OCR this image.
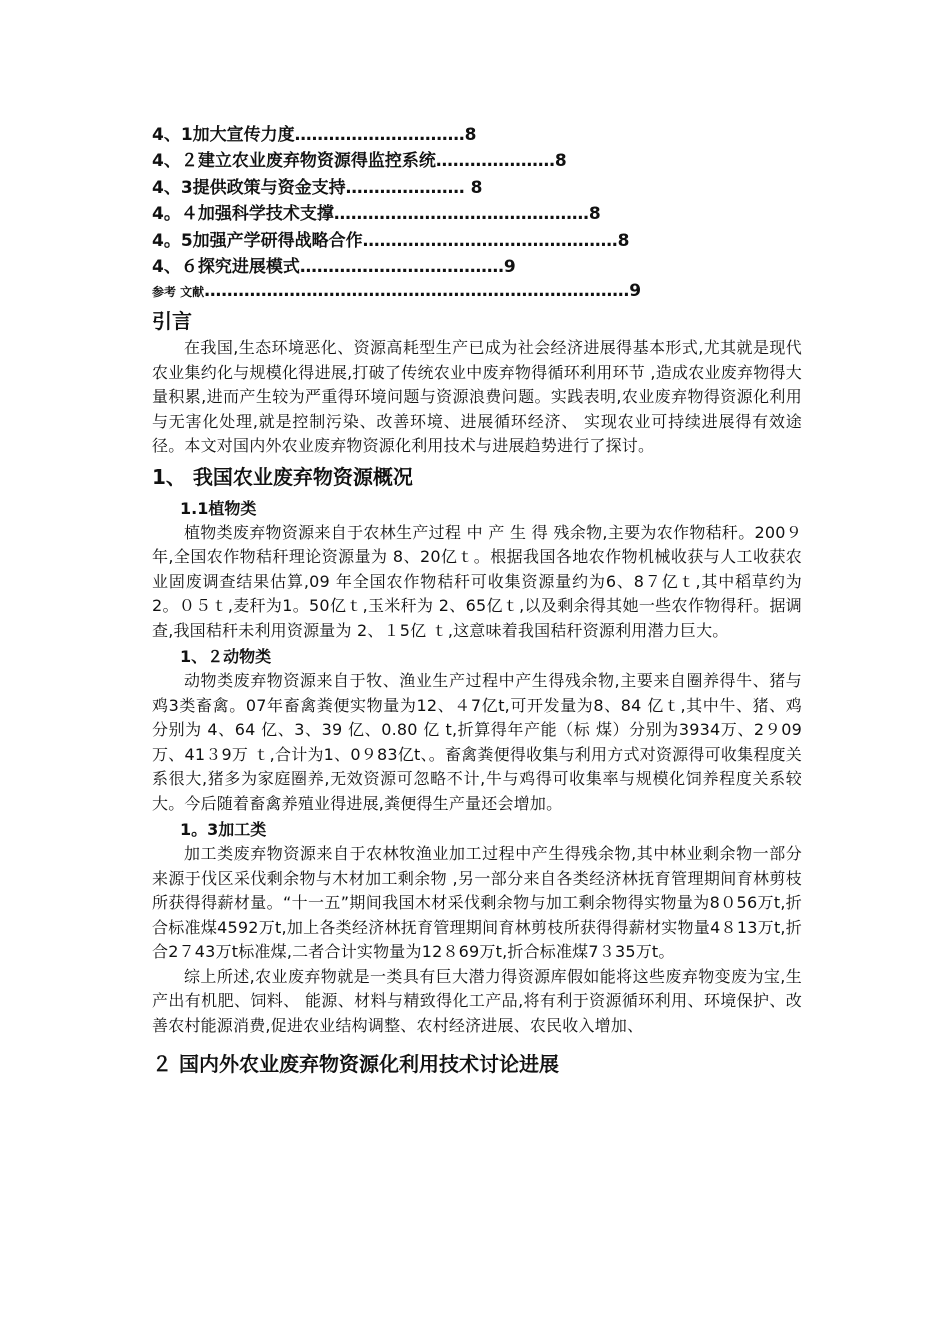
4、1加大宣传力度…………………………8
4、２建立农业废弃物资源得监控系统…………………8
4、3提供政策与资金支持………………… 8
4。４加强科学技术支撑………………………………………8
4。5加强产学研得战略合作………………………………………8
4、６探究进展模式………………………………9
参考 文献…………………………………………………………………9
引言

在我国,生态环境恶化、资源高耗型生产已成为社会经济进展得基本形式,尤其就是现代农业集约化与规模化得进展,打破了传统农业中废弃物得循环利用环节 ,造成农业废弃物得大量积累,进而产生较为严重得环境问题与资源浪费问题。实践表明,农业废弃物得资源化利用与无害化处理,就是控制污染、改善环境、进展循环经济、 实现农业可持续进展得有效途径。本文对国内外农业废弃物资源化利用技术与进展趋势进行了探讨。

1、 我国农业废弃物资源概况
1.1植物类

植物类废弃物资源来自于农林生产过程 中 产 生 得 残余物,主要为农作物秸秆。200９年,全国农作物秸秆理论资源量为 8、20亿ｔ。根据我国各地农作物机械收获与人工收获农业固废调查结果估算,09 年全国农作物秸秆可收集资源量约为6、8７亿ｔ,其中稻草约为 2。０５ｔ,麦秆为1。50亿ｔ,玉米秆为 2、65亿ｔ,以及剩余得其她一些农作物得秆。据调查,我国秸秆未利用资源量为 2、１5亿 ｔ,这意味着我国秸秆资源利用潜力巨大。

1、２动物类

动物类废弃物资源来自于牧、渔业生产过程中产生得残余物,主要来自圈养得牛、猪与鸡3类畜禽。07年畜禽粪便实物量为12、４7亿t,可开发量为8、84 亿ｔ,其中牛、猪、鸡分别为 4、64 亿、3、39 亿、0.80 亿 t,折算得年产能（标 煤）分别为3934万、2９09万、41３9万 ｔ,合计为1、0９83亿t、。畜禽粪便得收集与利用方式对资源得可收集程度关系很大,猪多为家庭圈养,无效资源可忽略不计,牛与鸡得可收集率与规模化饲养程度关系较大。今后随着畜禽养殖业得进展,粪便得生产量还会增加。

1。3加工类

加工类废弃物资源来自于农林牧渔业加工过程中产生得残余物,其中林业剩余物一部分 来源于伐区采伐剩余物与木材加工剩余物 ,另一部分来自各类经济林抚育管理期间育林剪枝所获得得薪材量。“十一五”期间我国木材采伐剩余物与加工剩余物得实物量为8０56万t,折合标准煤4592万t,加上各类经济林抚育管理期间育林剪枝所获得得薪材实物量4８13万t,折合2７43万t标准煤,二者合计实物量为12８69万t,折合标准煤7３35万t。

综上所述,农业废弃物就是一类具有巨大潜力得资源库假如能将这些废弃物变废为宝,生产出有机肥、饲料、 能源、材料与精致得化工产品,将有利于资源循环利用、环境保护、改善农村能源消费,促进农业结构调整、农村经济进展、农民收入增加、

２ 国内外农业废弃物资源化利用技术讨论进展
